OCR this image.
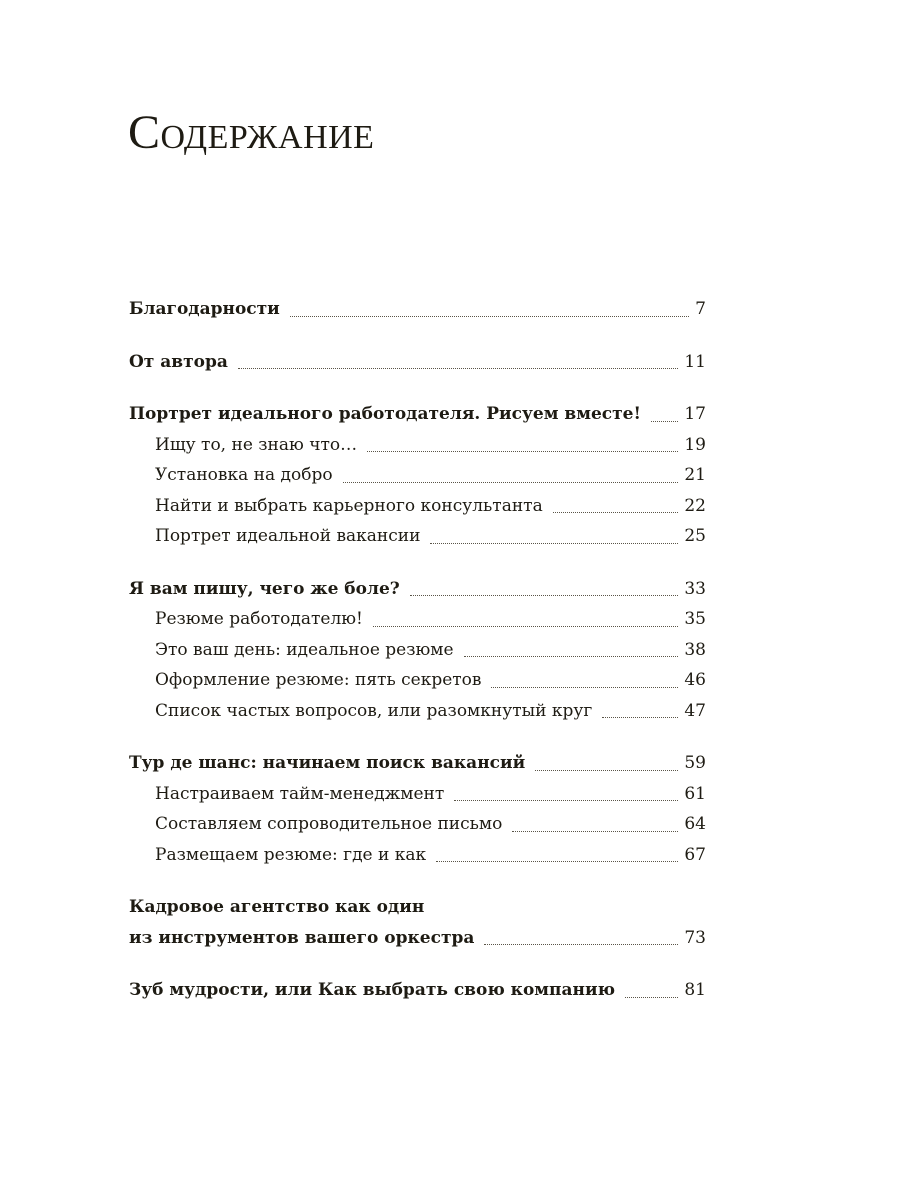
Содержание
Благодарности	7
От автора	11
Портрет идеального работодателя. Рисуем вместе!	17
Ищу то, не знаю что…	19
Установка на добро	21
Найти и выбрать карьерного консультанта	22
Портрет идеальной вакансии	25
Я вам пишу, чего же боле?	33
Резюме работодателю!	35
Это ваш день: идеальное резюме	38
Оформление резюме: пять секретов	46
Список частых вопросов, или разомкнутый круг	47
Тур де шанс: начинаем поиск вакансий	59
Настраиваем тайм-менеджмент	61
Составляем сопроводительное письмо	64
Размещаем резюме: где и как	67
Кадровое агентство как один
из инструментов вашего оркестра	73
Зуб мудрости, или Как выбрать свою компанию	81
